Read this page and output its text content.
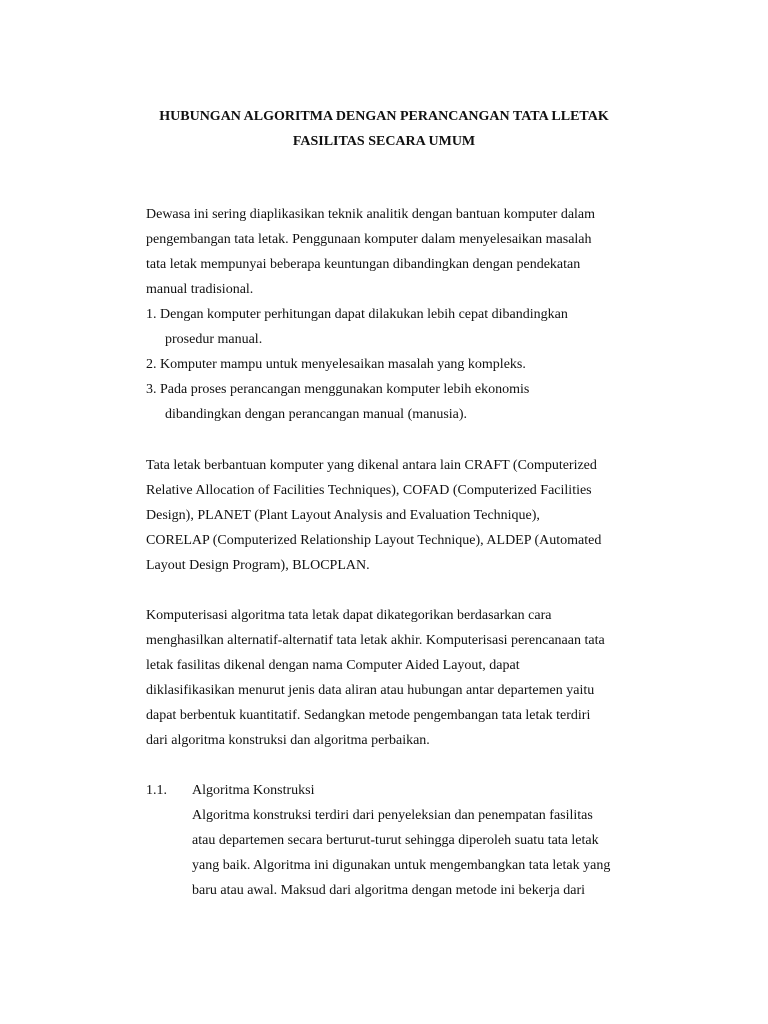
HUBUNGAN ALGORITMA DENGAN PERANCANGAN TATA LLETAK
FASILITAS SECARA UMUM
Dewasa ini sering diaplikasikan teknik analitik dengan bantuan komputer dalam
pengembangan tata letak. Penggunaan komputer dalam menyelesaikan masalah
tata letak mempunyai beberapa keuntungan dibandingkan dengan pendekatan
manual tradisional.
1. Dengan komputer perhitungan dapat dilakukan lebih cepat dibandingkan
prosedur manual.
2. Komputer mampu untuk menyelesaikan masalah yang kompleks.
3. Pada proses perancangan menggunakan komputer lebih ekonomis
dibandingkan dengan perancangan manual (manusia).
Tata letak berbantuan komputer yang dikenal antara lain CRAFT (Computerized
Relative Allocation of Facilities Techniques), COFAD (Computerized Facilities
Design), PLANET (Plant Layout Analysis and Evaluation Technique),
CORELAP (Computerized Relationship Layout Technique), ALDEP (Automated
Layout Design Program), BLOCPLAN.
Komputerisasi algoritma tata letak dapat dikategorikan berdasarkan cara
menghasilkan alternatif-alternatif tata letak akhir. Komputerisasi perencanaan tata
letak fasilitas dikenal dengan nama Computer Aided Layout, dapat
diklasifikasikan menurut jenis data aliran atau hubungan antar departemen yaitu
dapat berbentuk kuantitatif. Sedangkan metode pengembangan tata letak terdiri
dari algoritma konstruksi dan algoritma perbaikan.
1.1. Algoritma Konstruksi
Algoritma konstruksi terdiri dari penyeleksian dan penempatan fasilitas
atau departemen secara berturut-turut sehingga diperoleh suatu tata letak
yang baik. Algoritma ini digunakan untuk mengembangkan tata letak yang
baru atau awal. Maksud dari algoritma dengan metode ini bekerja dari
